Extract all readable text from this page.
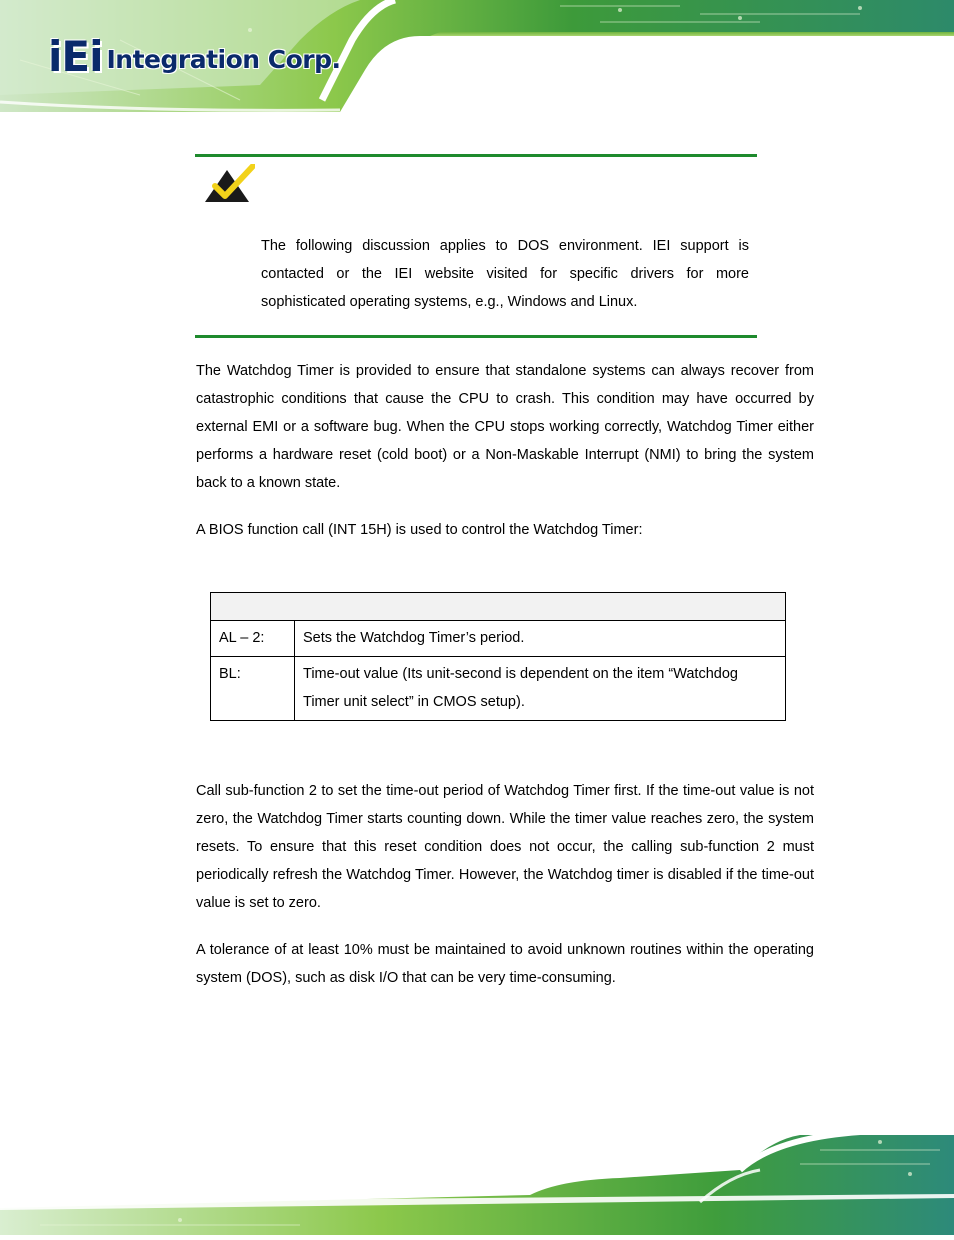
iEi Integration Corp.

The following discussion applies to DOS environment. IEI support is contacted or the IEI website visited for specific drivers for more sophisticated operating systems, e.g., Windows and Linux.

The Watchdog Timer is provided to ensure that standalone systems can always recover from catastrophic conditions that cause the CPU to crash. This condition may have occurred by external EMI or a software bug. When the CPU stops working correctly, Watchdog Timer either performs a hardware reset (cold boot) or a Non-Maskable Interrupt (NMI) to bring the system back to a known state.

A BIOS function call (INT 15H) is used to control the Watchdog Timer:

AL – 2:	Sets the Watchdog Timer’s period.
BL:	Time-out value (Its unit-second is dependent on the item “Watchdog Timer unit select” in CMOS setup).

Call sub-function 2 to set the time-out period of Watchdog Timer first. If the time-out value is not zero, the Watchdog Timer starts counting down. While the timer value reaches zero, the system resets. To ensure that this reset condition does not occur, the calling sub-function 2 must periodically refresh the Watchdog Timer. However, the Watchdog timer is disabled if the time-out value is set to zero.

A tolerance of at least 10% must be maintained to avoid unknown routines within the operating system (DOS), such as disk I/O that can be very time-consuming.
